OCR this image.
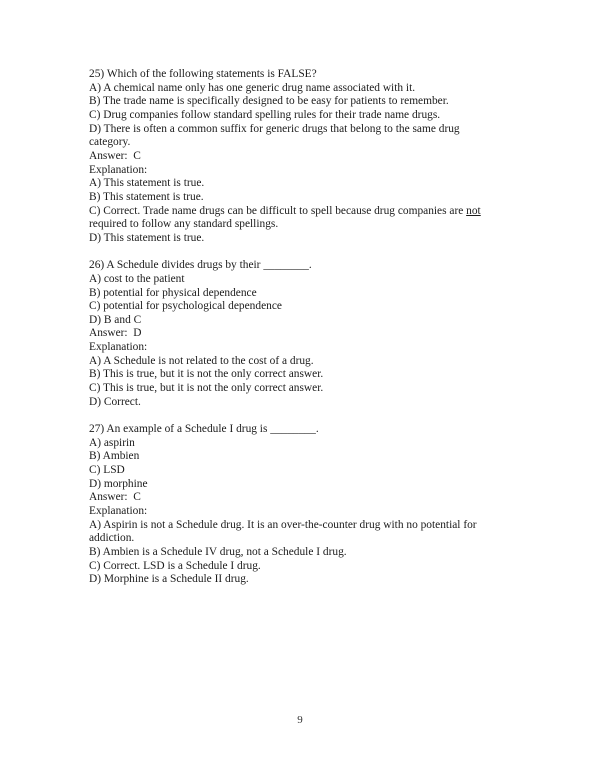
25) Which of the following statements is FALSE?
A) A chemical name only has one generic drug name associated with it.
B) The trade name is specifically designed to be easy for patients to remember.
C) Drug companies follow standard spelling rules for their trade name drugs.
D) There is often a common suffix for generic drugs that belong to the same drug
category.
Answer:  C
Explanation:
A) This statement is true.
B) This statement is true.
C) Correct. Trade name drugs can be difficult to spell because drug companies are not
required to follow any standard spellings.
D) This statement is true.
26) A Schedule divides drugs by their ________.
A) cost to the patient
B) potential for physical dependence
C) potential for psychological dependence
D) B and C
Answer:  D
Explanation:
A) A Schedule is not related to the cost of a drug.
B) This is true, but it is not the only correct answer.
C) This is true, but it is not the only correct answer.
D) Correct.
27) An example of a Schedule I drug is ________.
A) aspirin
B) Ambien
C) LSD
D) morphine
Answer:  C
Explanation:
A) Aspirin is not a Schedule drug. It is an over-the-counter drug with no potential for
addiction.
B) Ambien is a Schedule IV drug, not a Schedule I drug.
C) Correct. LSD is a Schedule I drug.
D) Morphine is a Schedule II drug.
9
